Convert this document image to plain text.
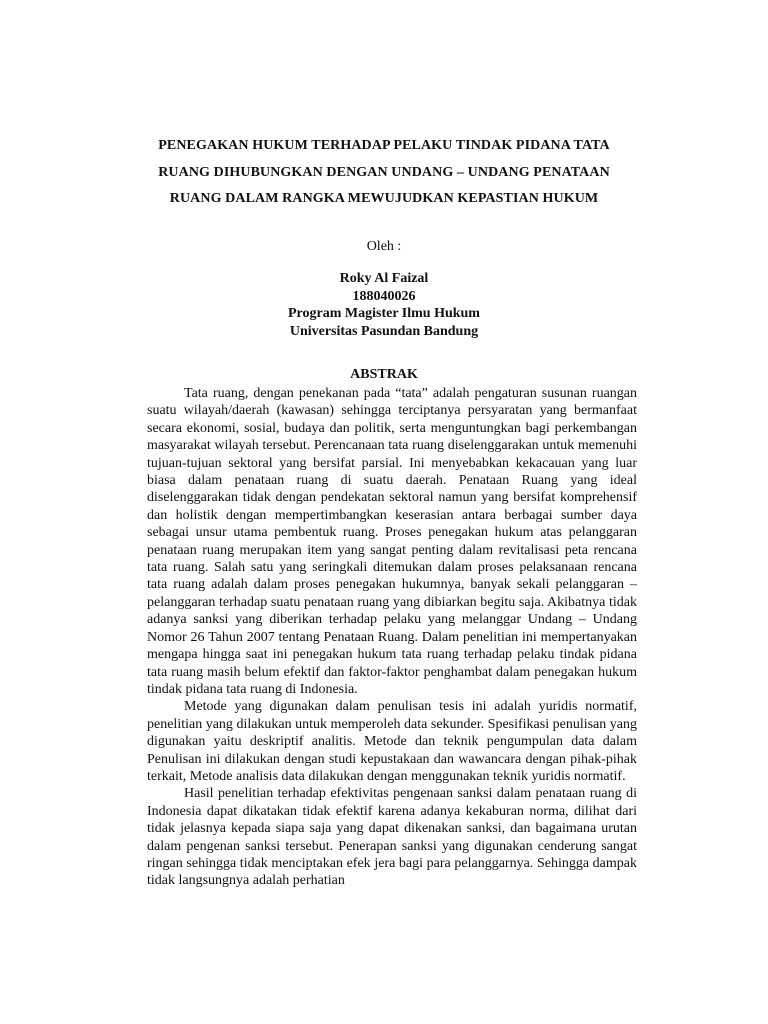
PENEGAKAN HUKUM TERHADAP PELAKU TINDAK PIDANA TATA
RUANG DIHUBUNGKAN DENGAN UNDANG – UNDANG PENATAAN
RUANG DALAM RANGKA MEWUJUDKAN KEPASTIAN HUKUM
Oleh :
Roky Al Faizal
188040026
Program Magister Ilmu Hukum
Universitas Pasundan Bandung
ABSTRAK

Tata ruang, dengan penekanan pada “tata” adalah pengaturan susunan ruangan suatu wilayah/daerah (kawasan) sehingga terciptanya persyaratan yang bermanfaat secara ekonomi, sosial, budaya dan politik, serta menguntungkan bagi perkembangan masyarakat wilayah tersebut. Perencanaan tata ruang diselenggarakan untuk memenuhi tujuan-tujuan sektoral yang bersifat parsial. Ini menyebabkan kekacauan yang luar biasa dalam penataan ruang di suatu daerah. Penataan Ruang yang ideal diselenggarakan tidak dengan pendekatan sektoral namun yang bersifat komprehensif dan holistik dengan mempertimbangkan keserasian antara berbagai sumber daya sebagai unsur utama pembentuk ruang. Proses penegakan hukum atas pelanggaran penataan ruang merupakan item yang sangat penting dalam revitalisasi peta rencana tata ruang. Salah satu yang seringkali ditemukan dalam proses pelaksanaan rencana tata ruang adalah dalam proses penegakan hukumnya, banyak sekali pelanggaran – pelanggaran terhadap suatu penataan ruang yang dibiarkan begitu saja. Akibatnya tidak adanya sanksi yang diberikan terhadap pelaku yang melanggar Undang – Undang Nomor 26 Tahun 2007 tentang Penataan Ruang. Dalam penelitian ini mempertanyakan mengapa hingga saat ini penegakan hukum tata ruang terhadap pelaku tindak pidana tata ruang masih belum efektif dan faktor-faktor penghambat dalam penegakan hukum tindak pidana tata ruang di Indonesia.

Metode yang digunakan dalam penulisan tesis ini adalah yuridis normatif, penelitian yang dilakukan untuk memperoleh data sekunder. Spesifikasi penulisan yang digunakan yaitu deskriptif analitis. Metode dan teknik pengumpulan data dalam Penulisan ini dilakukan dengan studi kepustakaan dan wawancara dengan pihak-pihak terkait, Metode analisis data dilakukan dengan menggunakan teknik yuridis normatif.

Hasil penelitian terhadap efektivitas pengenaan sanksi dalam penataan ruang di Indonesia dapat dikatakan tidak efektif karena adanya kekaburan norma, dilihat dari tidak jelasnya kepada siapa saja yang dapat dikenakan sanksi, dan bagaimana urutan dalam pengenan sanksi tersebut. Penerapan sanksi yang digunakan cenderung sangat ringan sehingga tidak menciptakan efek jera bagi para pelanggarnya. Sehingga dampak tidak langsungnya adalah perhatian
